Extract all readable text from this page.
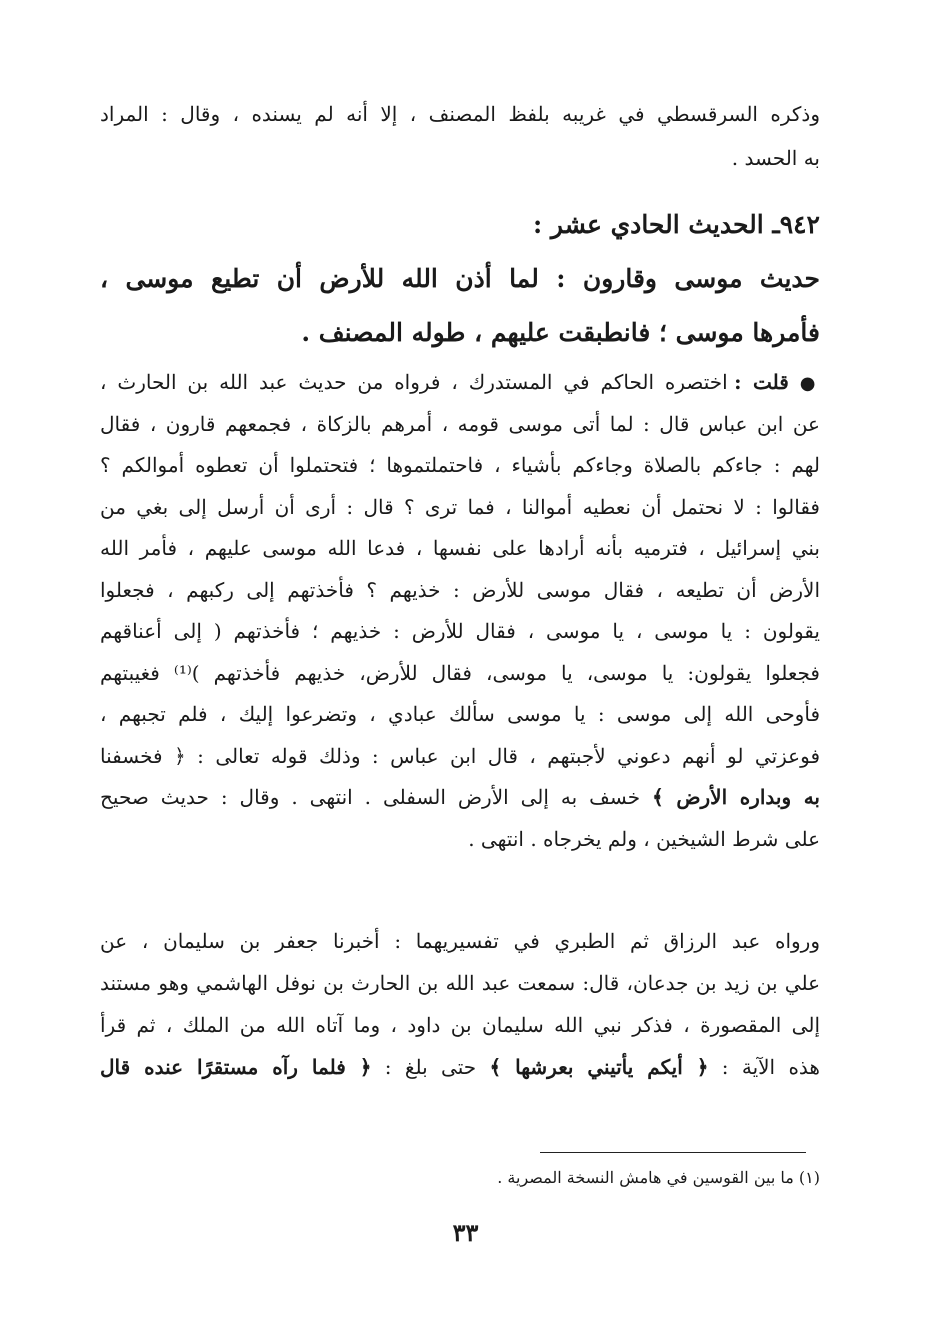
وذكره السرقسطي في غريبه بلفظ المصنف ، إلا أنه لم يسنده ، وقال : المراد
به الحسد .
٩٤٢ـ الحديث الحادي عشر :
حديث موسى وقارون : لما أذن الله للأرض أن تطيع موسى ،
فأمرها موسى ؛ فانطبقت عليهم ، طوله المصنف .
● قلت : اختصره الحاكم في المستدرك ، فرواه من حديث عبد الله بن الحارث ،
عن ابن عباس قال : لما أتى موسى قومه ، أمرهم بالزكاة ، فجمعهم قارون ، فقال
لهم : جاءكم بالصلاة وجاءكم بأشياء ، فاحتملتموها ؛ فتحتملوا أن تعطوه أموالكم ؟
فقالوا : لا نحتمل أن نعطيه أموالنا ، فما ترى ؟ قال : أرى أن أرسل إلى بغي من
بني إسرائيل ، فترميه بأنه أرادها على نفسها ، فدعا الله موسى عليهم ، فأمر الله
الأرض أن تطيعه ، فقال موسى للأرض : خذيهم ؟ فأخذتهم إلى ركبهم ، فجعلوا
يقولون : يا موسى ، يا موسى ، فقال للأرض : خذيهم ؛ فأخذتهم ( إلى أعناقهم
فجعلوا يقولون: يا موسى، يا موسى، فقال للأرض، خذيهم فأخذتهم )⁽¹⁾ فغيبتهم
فأوحى الله إلى موسى : يا موسى سألك عبادي ، وتضرعوا إليك ، فلم تجبهم ،
فوعزتي لو أنهم دعوني لأجبتهم ، قال ابن عباس : وذلك قوله تعالى : ﴿ فخسفنا
به وبداره الأرض ﴾ خسف به إلى الأرض السفلى . انتهى . وقال : حديث صحيح
على شرط الشيخين ، ولم يخرجاه . انتهى .
ورواه عبد الرزاق ثم الطبري في تفسيريهما : أخبرنا جعفر بن سليمان ، عن
علي بن زيد بن جدعان، قال: سمعت عبد الله بن الحارث بن نوفل الهاشمي وهو مستند
إلى المقصورة ، فذكر نبي الله سليمان بن داود ، وما آتاه الله من الملك ، ثم قرأ
هذه الآية : ﴿ أيكم يأتيني بعرشها ﴾ حتى بلغ : ﴿ فلما رآه مستقرًا عنده قال
(١) ما بين القوسين في هامش النسخة المصرية .
٣٣
